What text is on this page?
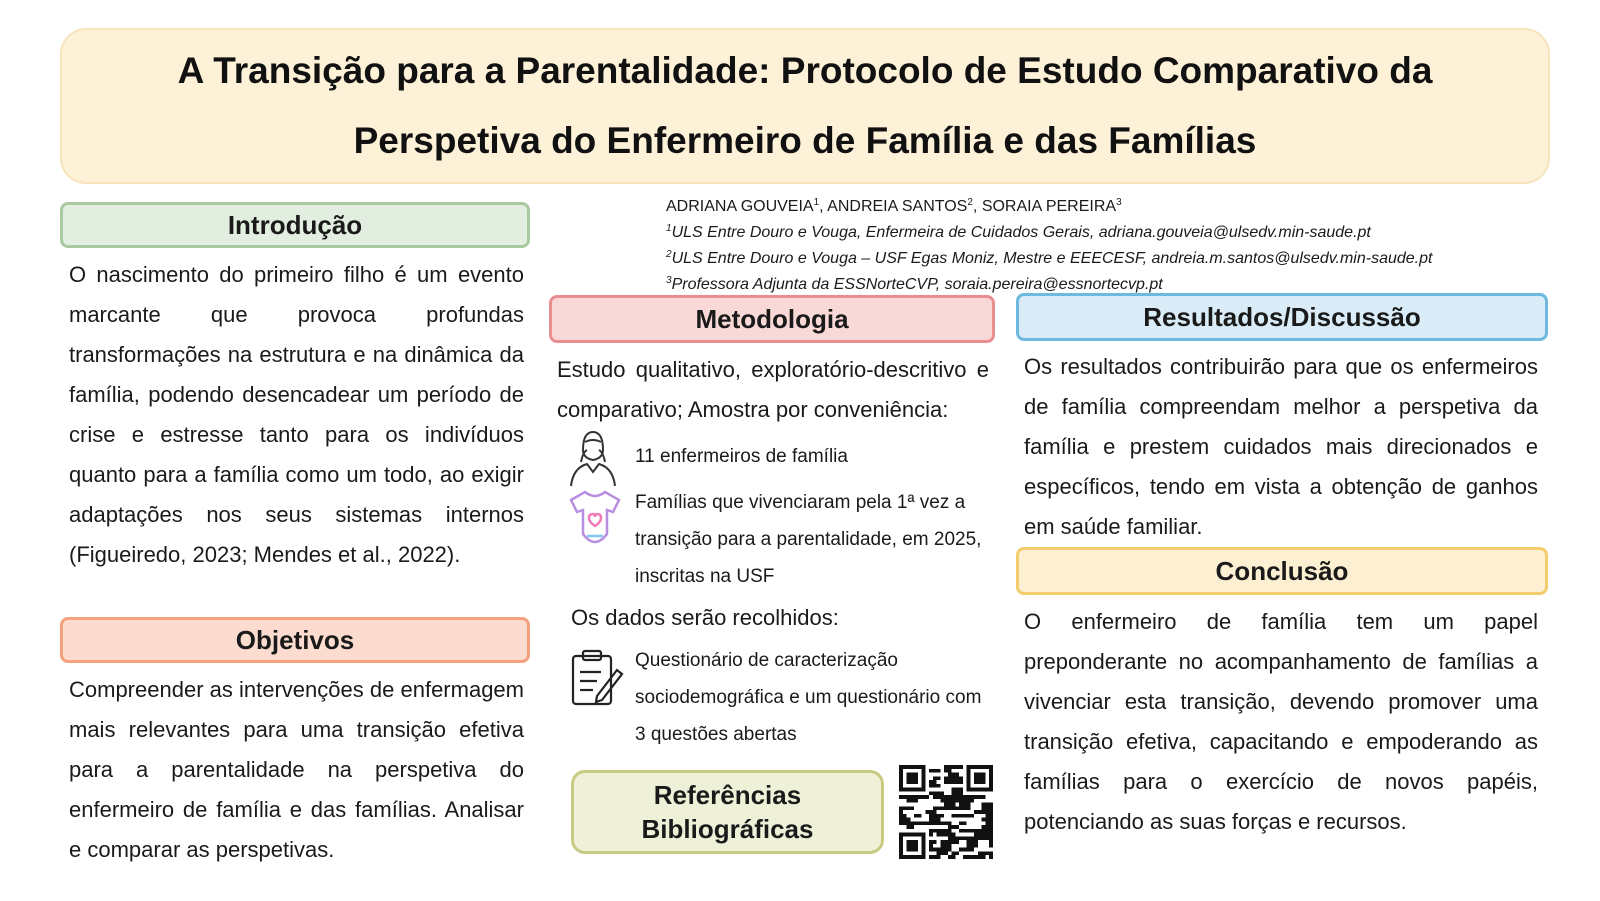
A Transição para a Parentalidade: Protocolo de Estudo Comparativo da
Perspetiva do Enfermeiro de Família e das Famílias
ADRIANA GOUVEIA$^1$, ANDREIA SANTOS$^2$, SORAIA PEREIRA$^3$
$^1$ULS Entre Douro e Vouga, Enfermeira de Cuidados Gerais, adriana.gouveia@ulsedv.min-saude.pt
$^2$ULS Entre Douro e Vouga – USF Egas Moniz, Mestre e EEECESF, andreia.m.santos@ulsedv.min-saude.pt
$^3$Professora Adjunta da ESSNorteCVP, soraia.pereira@essnortecvp.pt
Introdução
O nascimento do primeiro filho é um evento marcante que provoca profundas transformações na estrutura e na dinâmica da família, podendo desencadear um período de crise e estresse tanto para os indivíduos quanto para a família como um todo, ao exigir adaptações nos seus sistemas internos (Figueiredo, 2023; Mendes et al., 2022).
Objetivos
Compreender as intervenções de enfermagem mais relevantes para uma transição efetiva para a parentalidade na perspetiva do enfermeiro de família e das famílias. Analisar e comparar as perspetivas.
Metodologia
Estudo qualitativo, exploratório-descritivo e comparativo; Amostra por conveniência:
11 enfermeiros de família
Famílias que vivenciaram pela 1ª vez a transição para a parentalidade, em 2025, inscritas na USF
Os dados serão recolhidos:
Questionário de caracterização sociodemográfica e um questionário com 3 questões abertas
Referências
Bibliográficas
Resultados/Discussão
Os resultados contribuirão para que os enfermeiros de família compreendam melhor a perspetiva da família e prestem cuidados mais direcionados e específicos, tendo em vista a obtenção de ganhos em saúde familiar.
Conclusão
O enfermeiro de família tem um papel preponderante no acompanhamento de famílias a vivenciar esta transição, devendo promover uma transição efetiva, capacitando e empoderando as famílias para o exercício de novos papéis, potenciando as suas forças e recursos.
